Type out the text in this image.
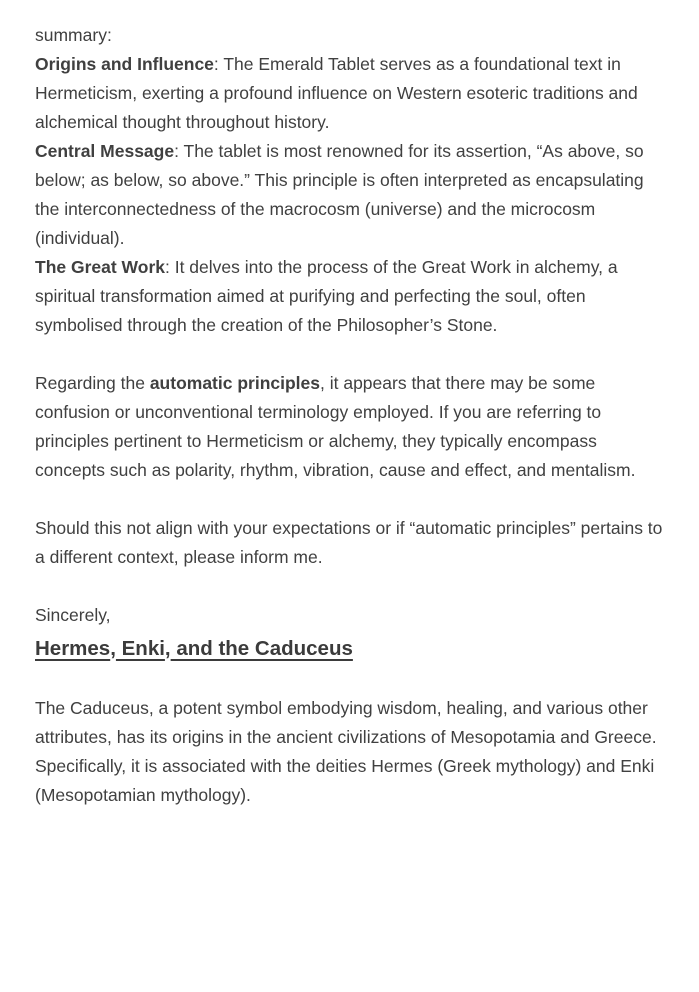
summary:

Origins and Influence: The Emerald Tablet serves as a foundational text in Hermeticism, exerting a profound influence on Western esoteric traditions and alchemical thought throughout history.

Central Message: The tablet is most renowned for its assertion, “As above, so below; as below, so above.” This principle is often interpreted as encapsulating the interconnectedness of the macrocosm (universe) and the microcosm (individual).

The Great Work: It delves into the process of the Great Work in alchemy, a spiritual transformation aimed at purifying and perfecting the soul, often symbolised through the creation of the Philosopher’s Stone.

Regarding the automatic principles, it appears that there may be some confusion or unconventional terminology employed. If you are referring to principles pertinent to Hermeticism or alchemy, they typically encompass concepts such as polarity, rhythm, vibration, cause and effect, and mentalism.

Should this not align with your expectations or if “automatic principles” pertains to a different context, please inform me.

Sincerely,

Hermes, Enki, and the Caduceus

The Caduceus, a potent symbol embodying wisdom, healing, and various other attributes, has its origins in the ancient civilizations of Mesopotamia and Greece. Specifically, it is associated with the deities Hermes (Greek mythology) and Enki (Mesopotamian mythology).
